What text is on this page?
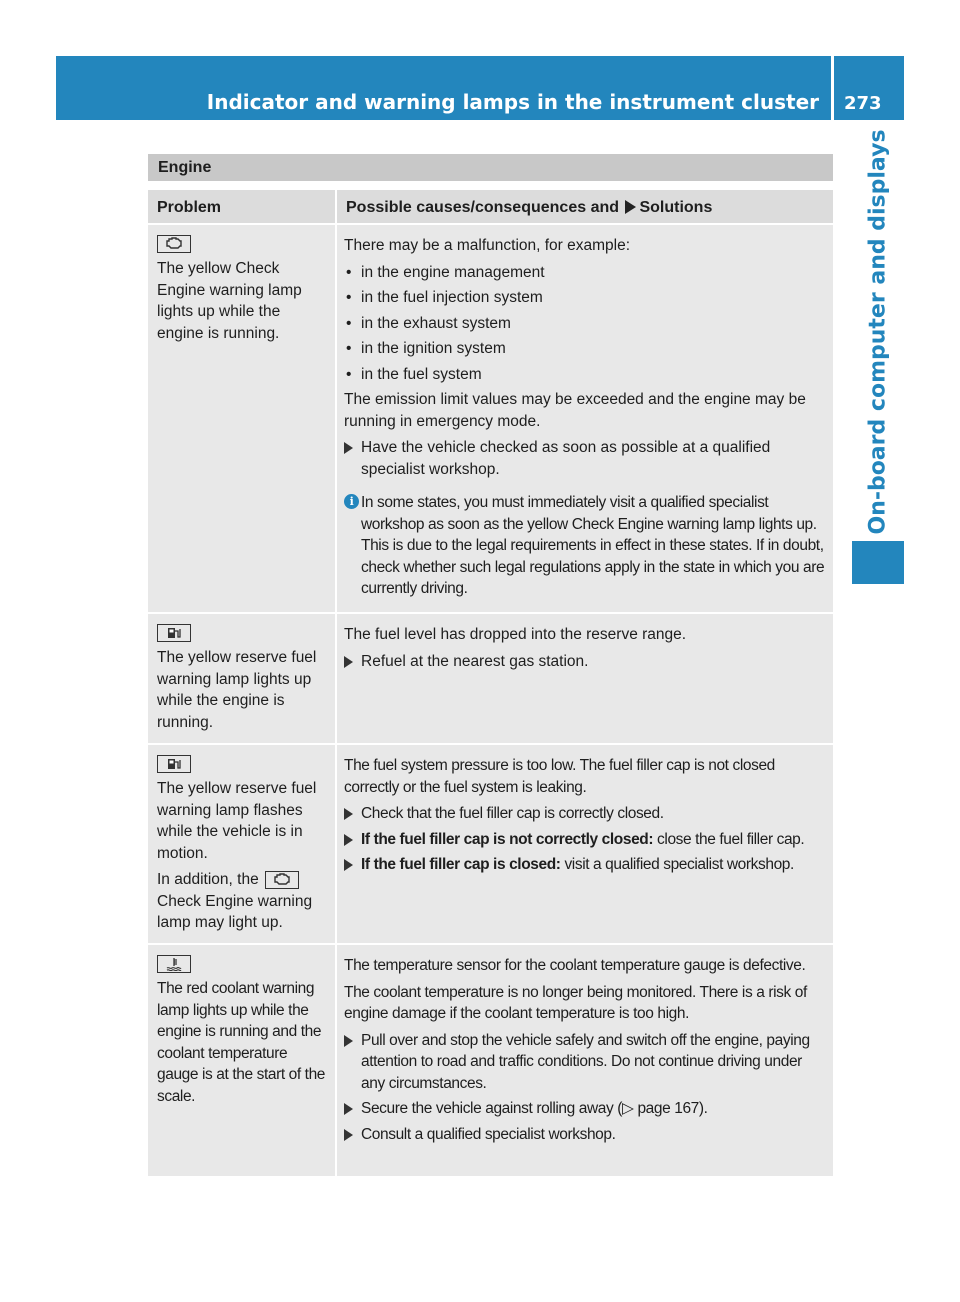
Indicator and warning lamps in the instrument cluster 273
On-board computer and displays
Engine
Problem	Possible causes/consequences and Solutions
The yellow Check Engine warning lamp lights up while the engine is running.

There may be a malfunction, for example:

• in the engine management
• in the fuel injection system
• in the exhaust system
• in the ignition system
• in the fuel system

The emission limit values may be exceeded and the engine may be running in emergency mode.

Have the vehicle checked as soon as possible at a qualified specialist workshop.
i In some states, you must immediately visit a qualified specialist workshop as soon as the yellow Check Engine warning lamp lights up. This is due to the legal requirements in effect in these states. If in doubt, check whether such legal regulations apply in the state in which you are currently driving.
The yellow reserve fuel warning lamp lights up while the engine is running.

The fuel level has dropped into the reserve range.

Refuel at the nearest gas station.

The yellow reserve fuel warning lamp flashes while the vehicle is in motion.

In addition, the
Check Engine warning lamp may light up.

The fuel system pressure is too low. The fuel filler cap is not closed correctly or the fuel system is leaking.

Check that the fuel filler cap is correctly closed.
If the fuel filler cap is not correctly closed: close the fuel filler cap.
If the fuel filler cap is closed: visit a qualified specialist workshop.
The red coolant warning lamp lights up while the engine is running and the coolant temperature gauge is at the start of the scale.

The temperature sensor for the coolant temperature gauge is defective.

The coolant temperature is no longer being monitored. There is a risk of engine damage if the coolant temperature is too high.

Pull over and stop the vehicle safely and switch off the engine, paying attention to road and traffic conditions. Do not continue driving under any circumstances.
Secure the vehicle against rolling away (▷ page 167).
Consult a qualified specialist workshop.
